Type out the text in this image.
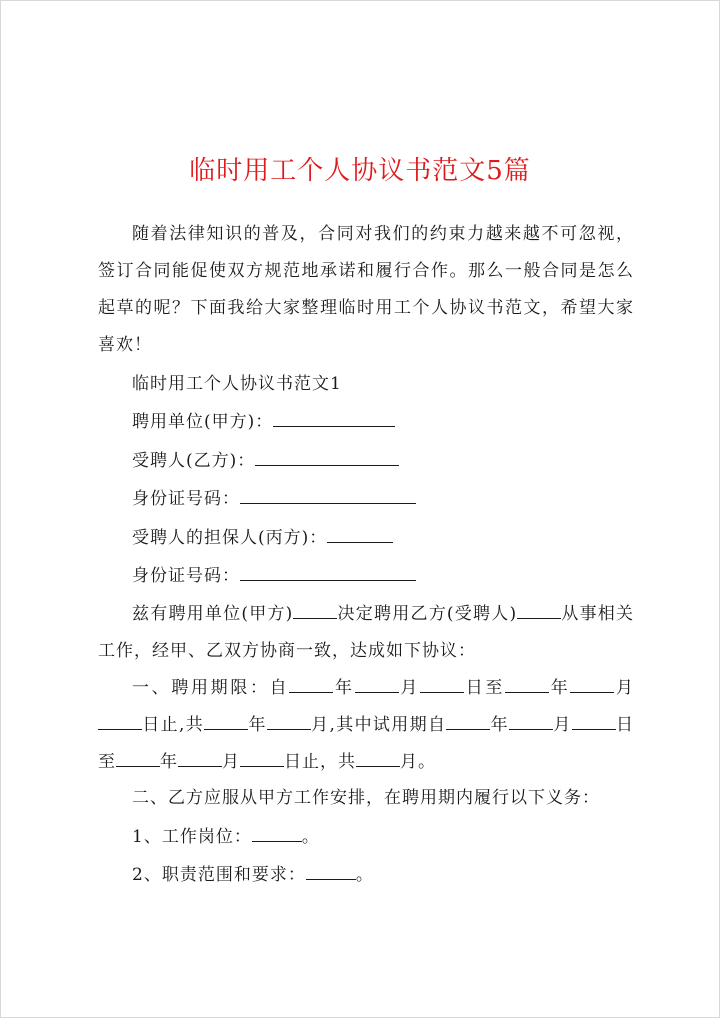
临时用工个人协议书范文5篇
随着法律知识的普及，合同对我们的约束力越来越不可忽视，签订合同能促使双方规范地承诺和履行合作。那么一般合同是怎么起草的呢？下面我给大家整理临时用工个人协议书范文，希望大家喜欢！
临时用工个人协议书范文1
聘用单位(甲方)：
受聘人(乙方)：
身份证号码：
受聘人的担保人(丙方)：
身份证号码：
兹有聘用单位(甲方)	决定聘用乙方(受聘人)	从事相关工作，经甲、乙双方协商一致，达成如下协议：
一、聘用期限：自	年	月	日至	年	月日止,共	年	月,其中试用期自	年	月	日至	年	月	日止，共	月。
二、乙方应服从甲方工作安排，在聘用期内履行以下义务：
1、工作岗位：	。
2、职责范围和要求：	。
